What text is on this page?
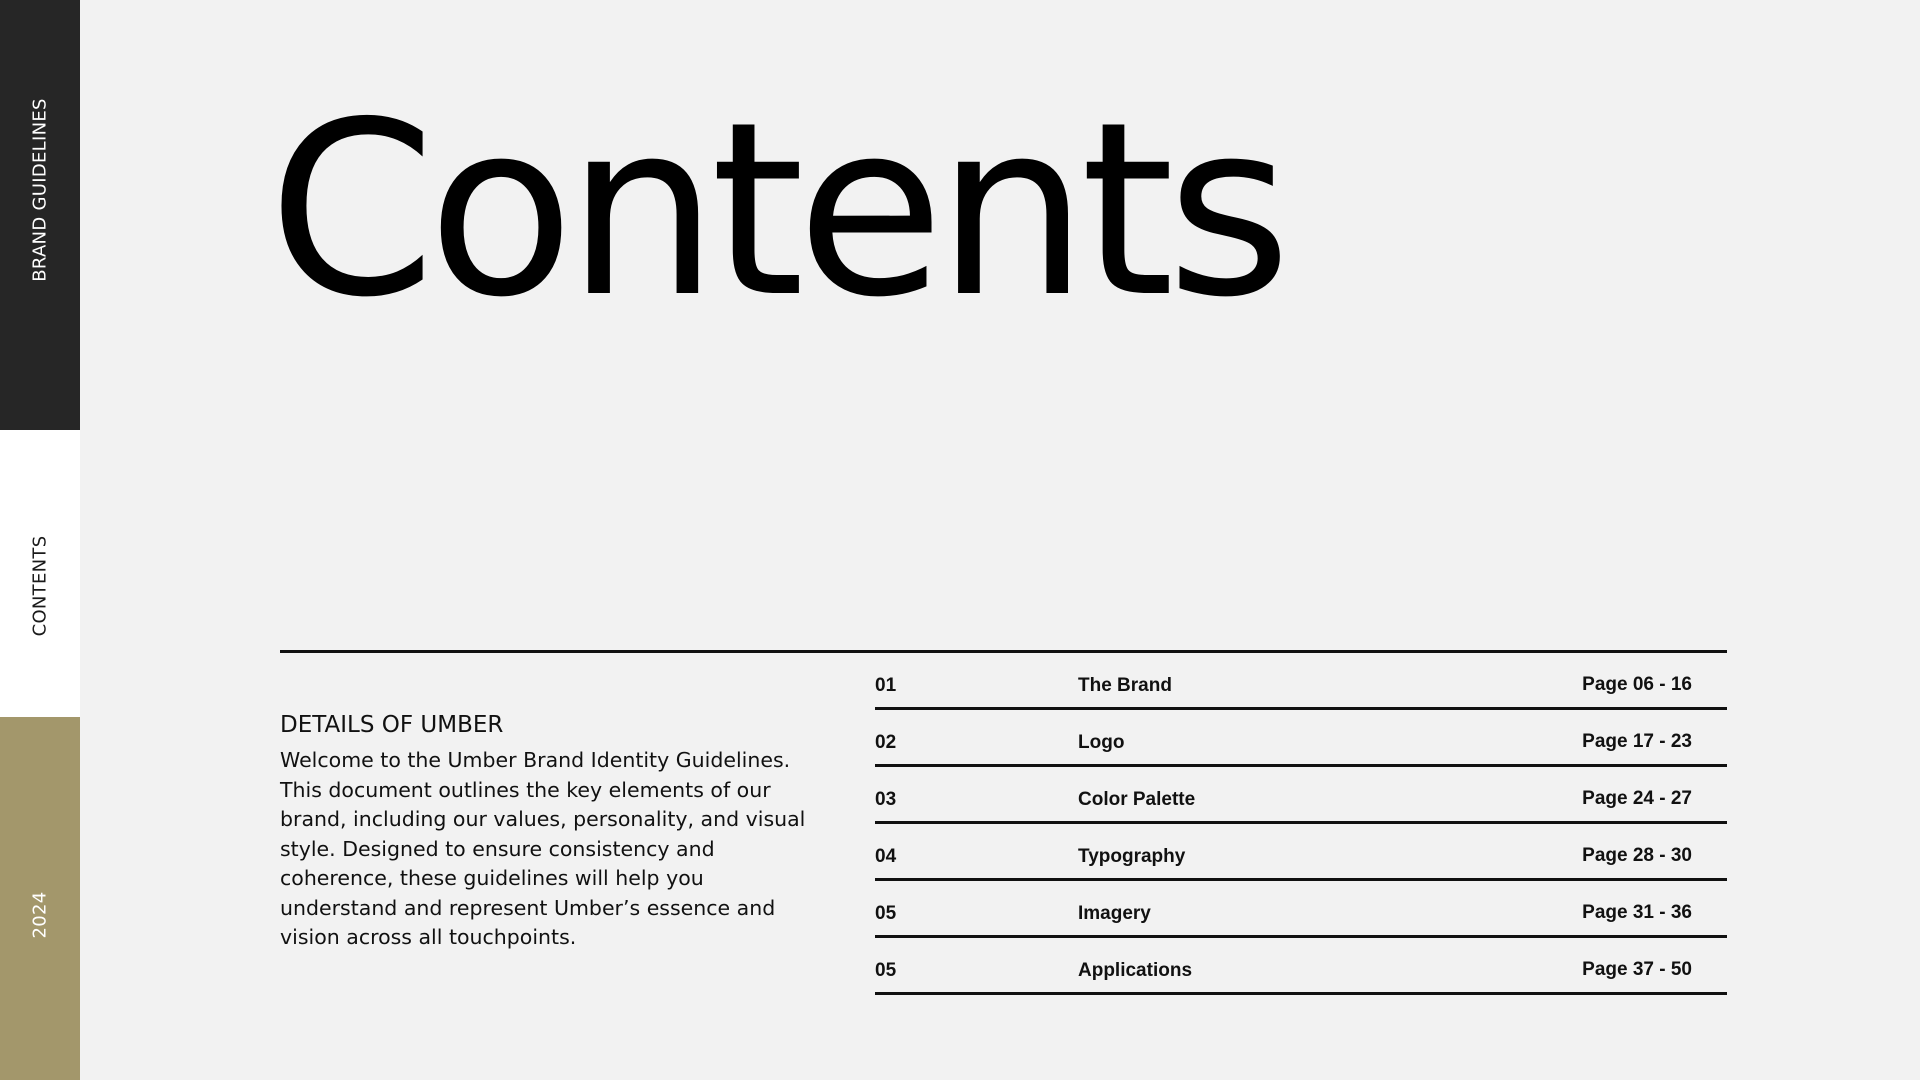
BRAND GUIDELINES
CONTENTS
2024
Contents
DETAILS OF UMBER

Welcome to the Umber Brand Identity Guidelines. This document outlines the key elements of our brand, including our values, personality, and visual style. Designed to ensure consistency and coherence, these guidelines will help you understand and represent Umber’s essence and vision across all touchpoints.

01	The Brand	Page 06 - 16
02	Logo	Page 17 - 23
03	Color Palette	Page 24 - 27
04	Typography	Page 28 - 30
05	Imagery	Page 31 - 36
05	Applications	Page 37 - 50
